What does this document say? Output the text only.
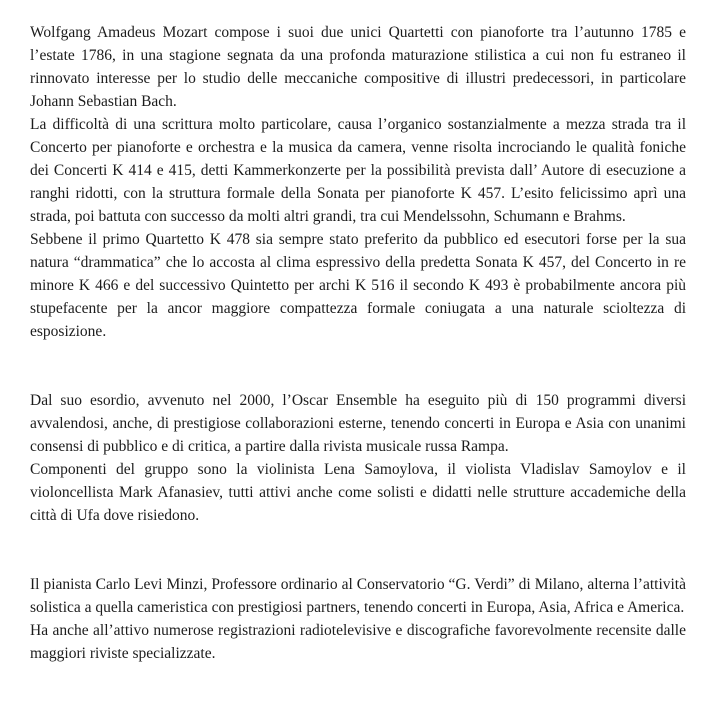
Wolfgang Amadeus Mozart compose i suoi due unici Quartetti con pianoforte tra l’autunno 1785 e l’estate 1786, in una stagione segnata da una profonda maturazione stilistica a cui non fu estraneo il rinnovato interesse per lo studio delle meccaniche compositive di illustri predecessori, in particolare Johann Sebastian Bach.

La difficoltà di una scrittura molto particolare, causa l’organico sostanzialmente a mezza strada tra il Concerto per pianoforte e orchestra e la musica da camera, venne risolta incrociando le qualità foniche dei Concerti K 414 e 415, detti Kammerkonzerte per la possibilità prevista dall’ Autore di esecuzione a ranghi ridotti, con la struttura formale della Sonata per pianoforte K 457. L’esito felicissimo aprì una strada, poi battuta con successo da molti altri grandi, tra cui Mendelssohn, Schumann e Brahms.

Sebbene il primo Quartetto K 478 sia sempre stato preferito da pubblico ed esecutori forse per la sua natura “drammatica” che lo accosta al clima espressivo della predetta Sonata K 457, del Concerto in re minore K 466 e del successivo Quintetto per archi K 516 il secondo K 493 è probabilmente ancora più stupefacente per la ancor maggiore compattezza formale coniugata a una naturale scioltezza di esposizione.

Dal suo esordio, avvenuto nel 2000, l’Oscar Ensemble ha eseguito più di 150 programmi diversi avvalendosi, anche, di prestigiose collaborazioni esterne, tenendo concerti in Europa e Asia con unanimi consensi di pubblico e di critica, a partire dalla rivista musicale russa Rampa.

Componenti del gruppo sono la violinista Lena Samoylova, il violista Vladislav Samoylov e il violoncellista Mark Afanasiev, tutti attivi anche come solisti e didatti nelle strutture accademiche della città di Ufa dove risiedono.

Il pianista Carlo Levi Minzi, Professore ordinario al Conservatorio “G. Verdi” di Milano, alterna l’attività solistica a quella cameristica con prestigiosi partners, tenendo concerti in Europa, Asia, Africa e America.

Ha anche all’attivo numerose registrazioni radiotelevisive e discografiche favorevolmente recensite dalle maggiori riviste specializzate.
